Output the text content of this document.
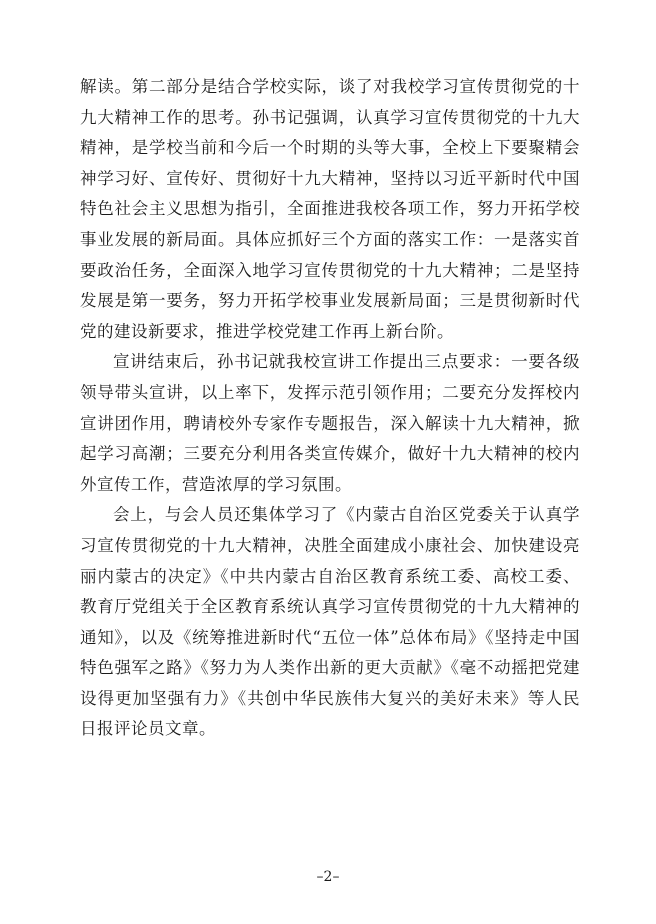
解读。第二部分是结合学校实际，谈了对我校学习宣传贯彻党的十九大精神工作的思考。孙书记强调，认真学习宣传贯彻党的十九大精神，是学校当前和今后一个时期的头等大事，全校上下要聚精会神学习好、宣传好、贯彻好十九大精神，坚持以习近平新时代中国特色社会主义思想为指引，全面推进我校各项工作，努力开拓学校事业发展的新局面。具体应抓好三个方面的落实工作：一是落实首要政治任务，全面深入地学习宣传贯彻党的十九大精神；二是坚持发展是第一要务，努力开拓学校事业发展新局面；三是贯彻新时代党的建设新要求，推进学校党建工作再上新台阶。

宣讲结束后，孙书记就我校宣讲工作提出三点要求：一要各级领导带头宣讲，以上率下，发挥示范引领作用；二要充分发挥校内宣讲团作用，聘请校外专家作专题报告，深入解读十九大精神，掀起学习高潮；三要充分利用各类宣传媒介，做好十九大精神的校内外宣传工作，营造浓厚的学习氛围。

会上，与会人员还集体学习了《内蒙古自治区党委关于认真学习宣传贯彻党的十九大精神，决胜全面建成小康社会、加快建设亮丽内蒙古的决定》《中共内蒙古自治区教育系统工委、高校工委、教育厅党组关于全区教育系统认真学习宣传贯彻党的十九大精神的通知》，以及《统筹推进新时代“五位一体”总体布局》《坚持走中国特色强军之路》《努力为人类作出新的更大贡献》《毫不动摇把党建设得更加坚强有力》《共创中华民族伟大复兴的美好未来》等人民日报评论员文章。

–2–
